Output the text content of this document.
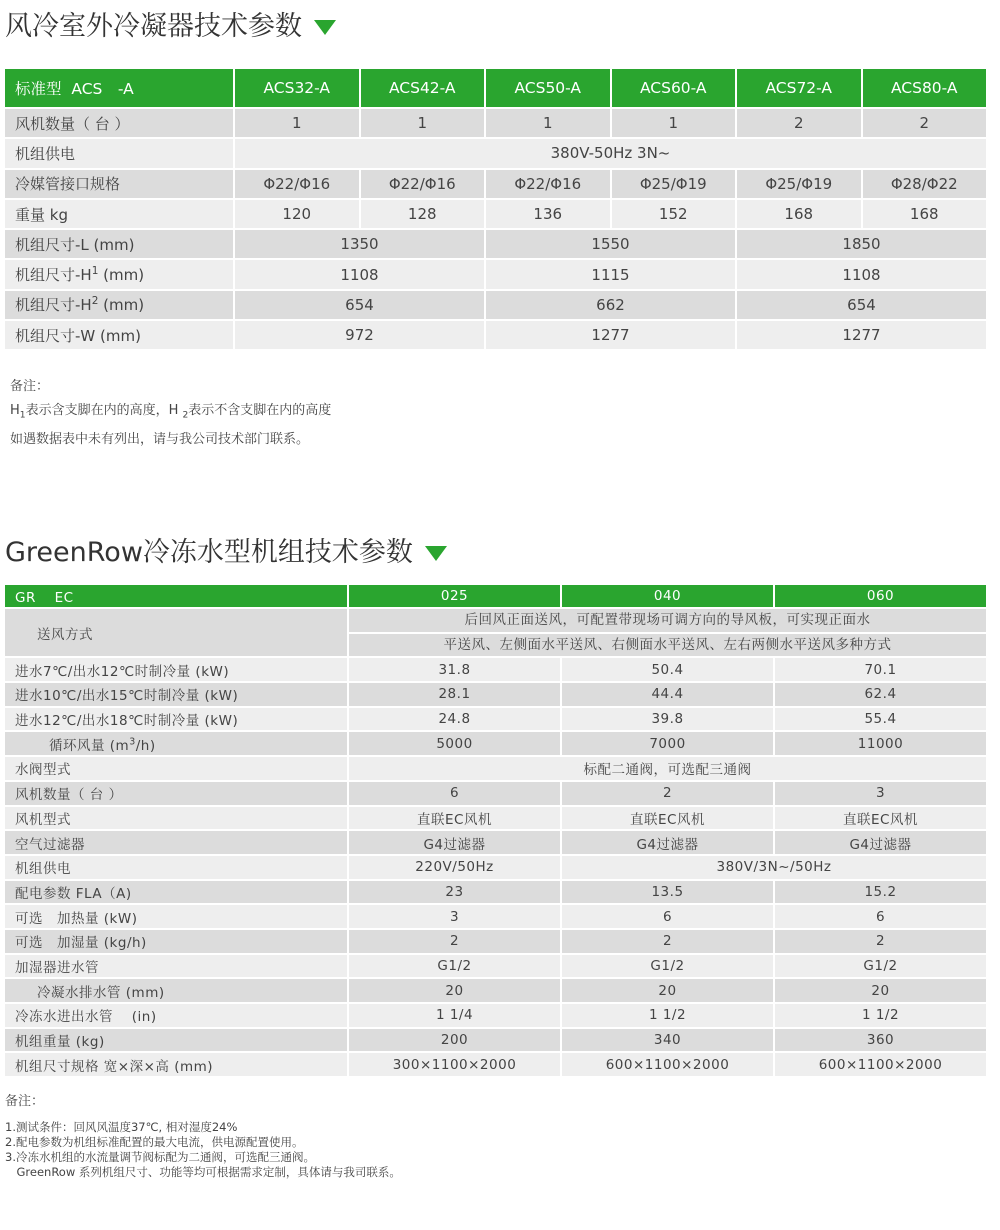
风冷室外冷凝器技术参数
标准型 ACS　-A	ACS32-A	ACS42-A	ACS50-A	ACS60-A	ACS72-A	ACS80-A
风机数量（ 台 ）	1	1	1	1	2	2
机组供电	380V-50Hz 3N~					
冷媒管接口规格	Φ22/Φ16	Φ22/Φ16	Φ22/Φ16	Φ25/Φ19	Φ25/Φ19	Φ28/Φ22
重量 kg	120	128	136	152	168	168
机组尺寸-L (mm)	1350		1550		1850	
机组尺寸$-H^1$ (mm)	1108		1115		1108	
机组尺寸$-H^2$ (mm)	654		662		654	
机组尺寸-W (mm)	972		1277		1277	
备注：
$H_1$表示含支脚在内的高度，H $_2$表示不含支脚在内的高度
如遇数据表中未有列出，请与我公司技术部门联系。
GreenRow冷冻水型机组技术参数
GR　 EC	025	040	060
送风方式	后回风正面送风，可配置带现场可调方向的导风板，可实现正面水
平送风、左侧面水平送风、右侧面水平送风、左右两侧水平送风多种方式		

进水7℃/出水12℃时制冷量 (kW)	31.8	50.4	70.1
进水10℃/出水15℃时制冷量 (kW)	28.1	44.4	62.4
进水12℃/出水18℃时制冷量 (kW)	24.8	39.8	55.4
循环风量 $(m^3/h)$	5000	7000	11000
水阀型式	标配二通阀，可选配三通阀		
风机数量（ 台 ）	6	2	3
风机型式	直联EC风机	直联EC风机	直联EC风机
空气过滤器	G4过滤器	G4过滤器	G4过滤器
机组供电	220V/50Hz	380V/3N~/50Hz	
配电参数 FLA（A)	23	13.5	15.2
可选　加热量 (kW)	3	6	6
可选　加湿量 (kg/h)	2	2	2
加湿器进水管	G1/2	G1/2	G1/2
冷凝水排水管 (mm)	20	20	20
冷冻水进出水管　 (in)	1 1/4	1 1/2	1 1/2
机组重量 (kg)	200	340	360
机组尺寸规格 宽×深×高 (mm)	300×1100×2000	600×1100×2000	600×1100×2000
备注：
1.测试条件：回风风温度37℃, 相对湿度24%
2.配电参数为机组标准配置的最大电流，供电源配置使用。
3.冷冻水机组的水流量调节阀标配为二通阀，可选配三通阀。
　GreenRow 系列机组尺寸、功能等均可根据需求定制，具体请与我司联系。
